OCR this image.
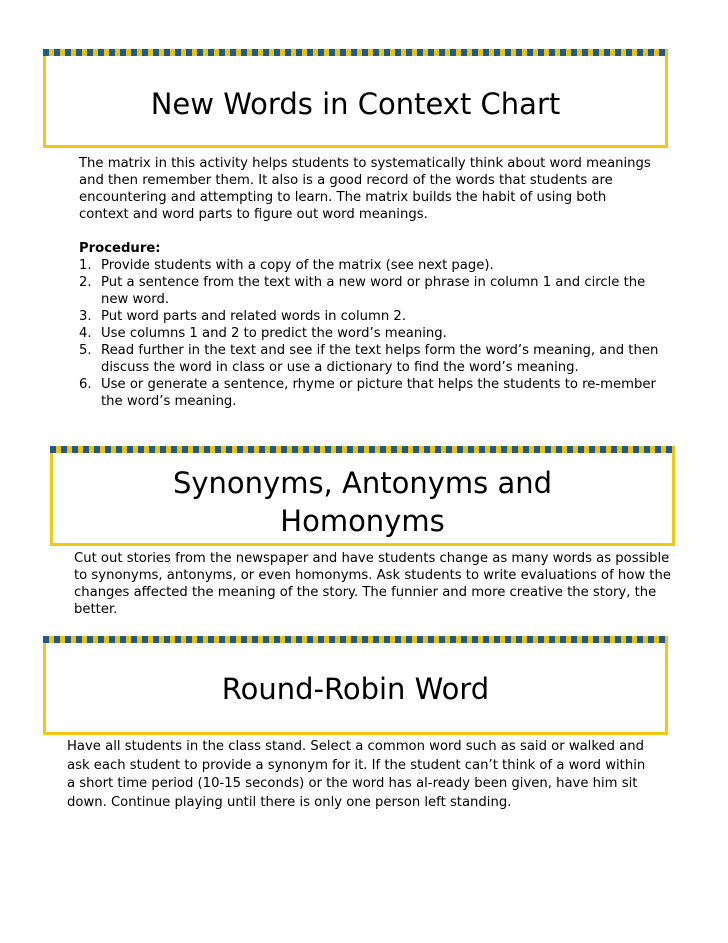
New Words in Context Chart

The matrix in this activity helps students to systematically think about word meanings and then remember them. It also is a good record of the words that students are encountering and attempting to learn. The matrix builds the habit of using both context and word parts to figure out word meanings.

Procedure:
1. Provide students with a copy of the matrix (see next page).
2. Put a sentence from the text with a new word or phrase in column 1 and circle the new word.
3. Put word parts and related words in column 2.
4. Use columns 1 and 2 to predict the word’s meaning.
5. Read further in the text and see if the text helps form the word’s meaning, and then discuss the word in class or use a dictionary to find the word’s meaning.
6. Use or generate a sentence, rhyme or picture that helps the students to re-member the word’s meaning.
Synonyms, Antonyms and
Homonyms

Cut out stories from the newspaper and have students change as many words as possible to synonyms, antonyms, or even homonyms. Ask students to write evaluations of how the changes affected the meaning of the story. The funnier and more creative the story, the better.

Round-Robin Word

Have all students in the class stand. Select a common word such as said or walked and ask each student to provide a synonym for it. If the student can’t think of a word within a short time period (10-15 seconds) or the word has al-ready been given, have him sit down. Continue playing until there is only one person left standing.
